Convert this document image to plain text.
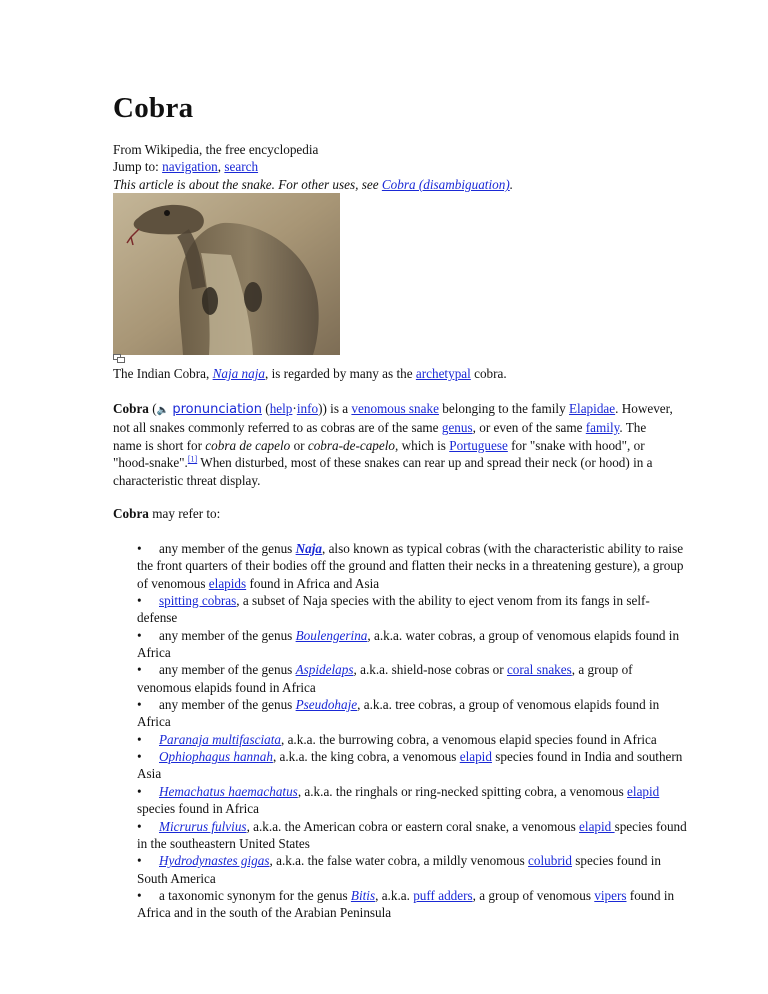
Cobra
From Wikipedia, the free encyclopedia
Jump to: navigation, search
This article is about the snake. For other uses, see Cobra (disambiguation).
The Indian Cobra, Naja naja, is regarded by many as the archetypal cobra.

Cobra (🔈 pronunciation (help·info)) is a venomous snake belonging to the family Elapidae. However, not all snakes commonly referred to as cobras are of the same genus, or even of the same family. The name is short for cobra de capelo or cobra-de-capelo, which is Portuguese for "snake with hood", or "hood-snake".[1] When disturbed, most of these snakes can rear up and spread their neck (or hood) in a characteristic threat display.

Cobra may refer to:
• any member of the genus Naja, also known as typical cobras (with the characteristic ability to raise the front quarters of their bodies off the ground and flatten their necks in a threatening gesture), a group of venomous elapids found in Africa and Asia
• spitting cobras, a subset of Naja species with the ability to eject venom from its fangs in self-defense
• any member of the genus Boulengerina, a.k.a. water cobras, a group of venomous elapids found in Africa
• any member of the genus Aspidelaps, a.k.a. shield-nose cobras or coral snakes, a group of venomous elapids found in Africa
• any member of the genus Pseudohaje, a.k.a. tree cobras, a group of venomous elapids found in Africa
• Paranaja multifasciata, a.k.a. the burrowing cobra, a venomous elapid species found in Africa
• Ophiophagus hannah, a.k.a. the king cobra, a venomous elapid species found in India and southern Asia
• Hemachatus haemachatus, a.k.a. the ringhals or ring-necked spitting cobra, a venomous elapid species found in Africa
• Micrurus fulvius, a.k.a. the American cobra or eastern coral snake, a venomous elapid species found in the southeastern United States
• Hydrodynastes gigas, a.k.a. the false water cobra, a mildly venomous colubrid species found in South America
• a taxonomic synonym for the genus Bitis, a.k.a. puff adders, a group of venomous vipers found in Africa and in the south of the Arabian Peninsula
